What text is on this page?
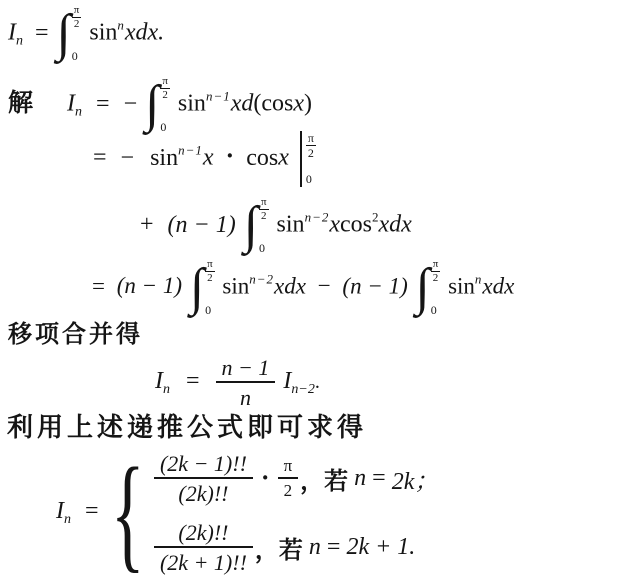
$I_n$ = ∫ $\frac{\pi}{2}$
0
$\sin^nxdx$.
解 $I_n$ = − ∫ $\frac{\pi}{2}$
0
$\sin^{n-1}xd(\cos x)$
= − $\sin^{n-1}x \cdot \cos x \frac{\pi}{2}$
0
+ (n − 1) ∫ $\frac{\pi}{2}$
0
$\sin^{n-2}xcos^2xdx$
= (n − 1) ∫ $\frac{\pi}{2}$
0
$\sin^{n-2}xdx - (n - 1)$ ∫ $\frac{\pi}{2}$
0
$\sin^nxdx$
移项合并得
$I_n = \frac{n - 1}{n} I_{n-2}$.
利用上述递推公式即可求得
$I_n$ = { $\frac{(2k - 1)!!}{(2k)!!} \cdot \frac{\pi}{2}$ ，若 n = 2k；
$\frac{(2k)!!}{(2k + 1)!!}$ ，若 n = 2k + 1.
